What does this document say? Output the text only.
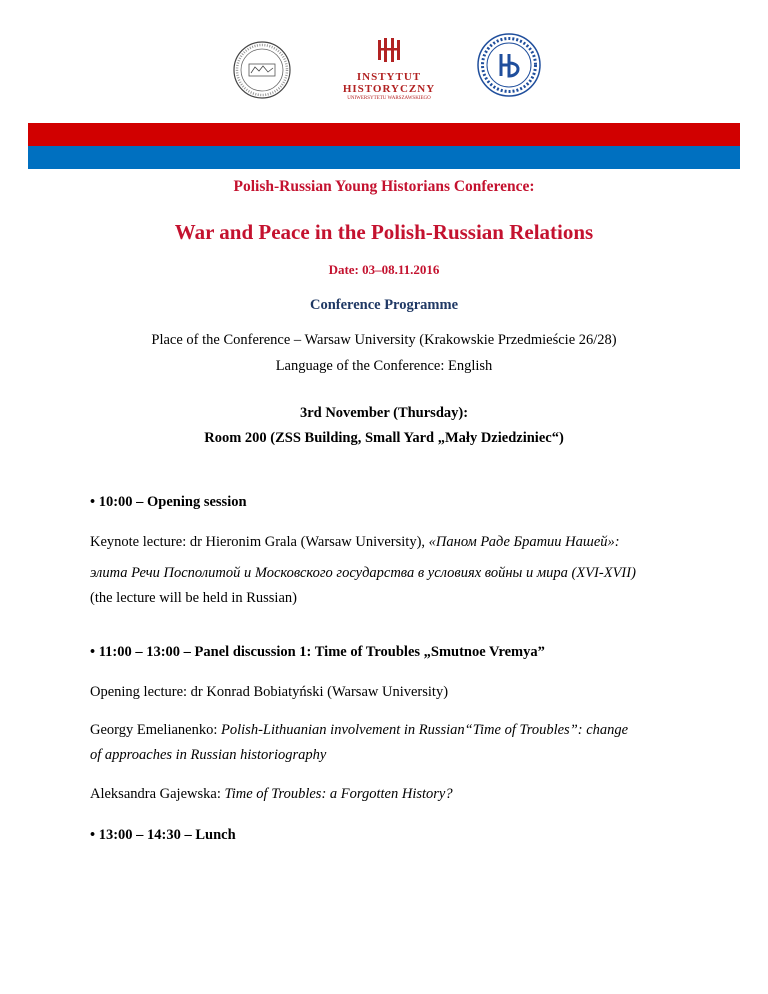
INSTYTUT
HISTORYCZNY
UNIWERSYTETU WARSZAWSKIEGO
Polish-Russian Young Historians Conference:
War and Peace in the Polish-Russian Relations
Date: 03–08.11.2016
Conference Programme
Place of the Conference – Warsaw University (Krakowskie Przedmieście 26/28)
Language of the Conference: English
3rd November (Thursday):
Room 200 (ZSS Building, Small Yard „Mały Dziedziniec“)
• 10:00 – Opening session
Keynote lecture: dr Hieronim Grala (Warsaw University), «Паном Раде Братии Нашей»:
элита Речи Посполитой и Московского государства в условиях войны и мира (XVI-XVII)
(the lecture will be held in Russian)
• 11:00 – 13:00 – Panel discussion 1: Time of Troubles „Smutnoe Vremya”
Opening lecture: dr Konrad Bobiatyński (Warsaw University)
Georgy Emelianenko: Polish-Lithuanian involvement in Russian“Time of Troubles”: change
of approaches in Russian historiography
Aleksandra Gajewska: Time of Troubles: a Forgotten History?
• 13:00 – 14:30 – Lunch
